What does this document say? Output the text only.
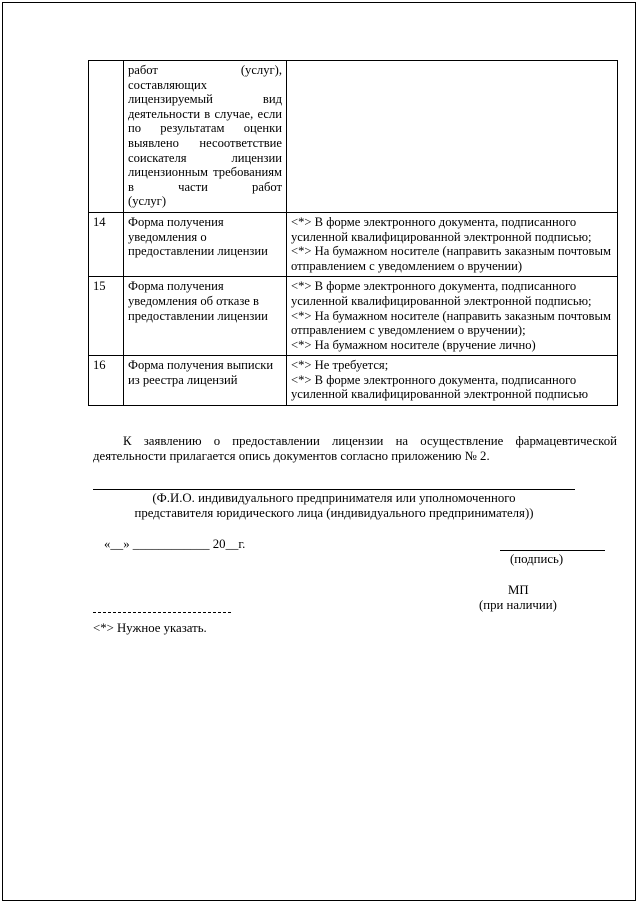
	работ (услуг), составляющих лицензируемый вид деятельности в случае, если по результатам оценки выявлено несоответствие соискателя лицензии лицензионным требованиям в части работ
(услуг)	

14	Форма получения уведомления о предоставлении лицензии	<*> В форме электронного документа, подписанного усиленной квалифицированной электронной подписью;
<*> На бумажном носителе (направить заказным почтовым отправлением с уведомлением о вручении)

15	Форма получения уведомления об отказе в предоставлении лицензии	<*> В форме электронного документа, подписанного усиленной квалифицированной электронной подписью;
<*> На бумажном носителе (направить заказным почтовым отправлением с уведомлением о вручении);
<*> На бумажном носителе (вручение лично)

16	Форма получения выписки из реестра лицензий	<*> Не требуется;
<*> В форме электронного документа, подписанного усиленной квалифицированной электронной подписью
К заявлению о предоставлении лицензии на осуществление фармацевтической деятельности прилагается опись документов согласно приложению № 2.
(Ф.И.О. индивидуального предпринимателя или уполномоченного
представителя юридического лица (индивидуального предпринимателя))
«__» ____________ 20__г.
(подпись)
МП
(при наличии)
<*> Нужное указать.
